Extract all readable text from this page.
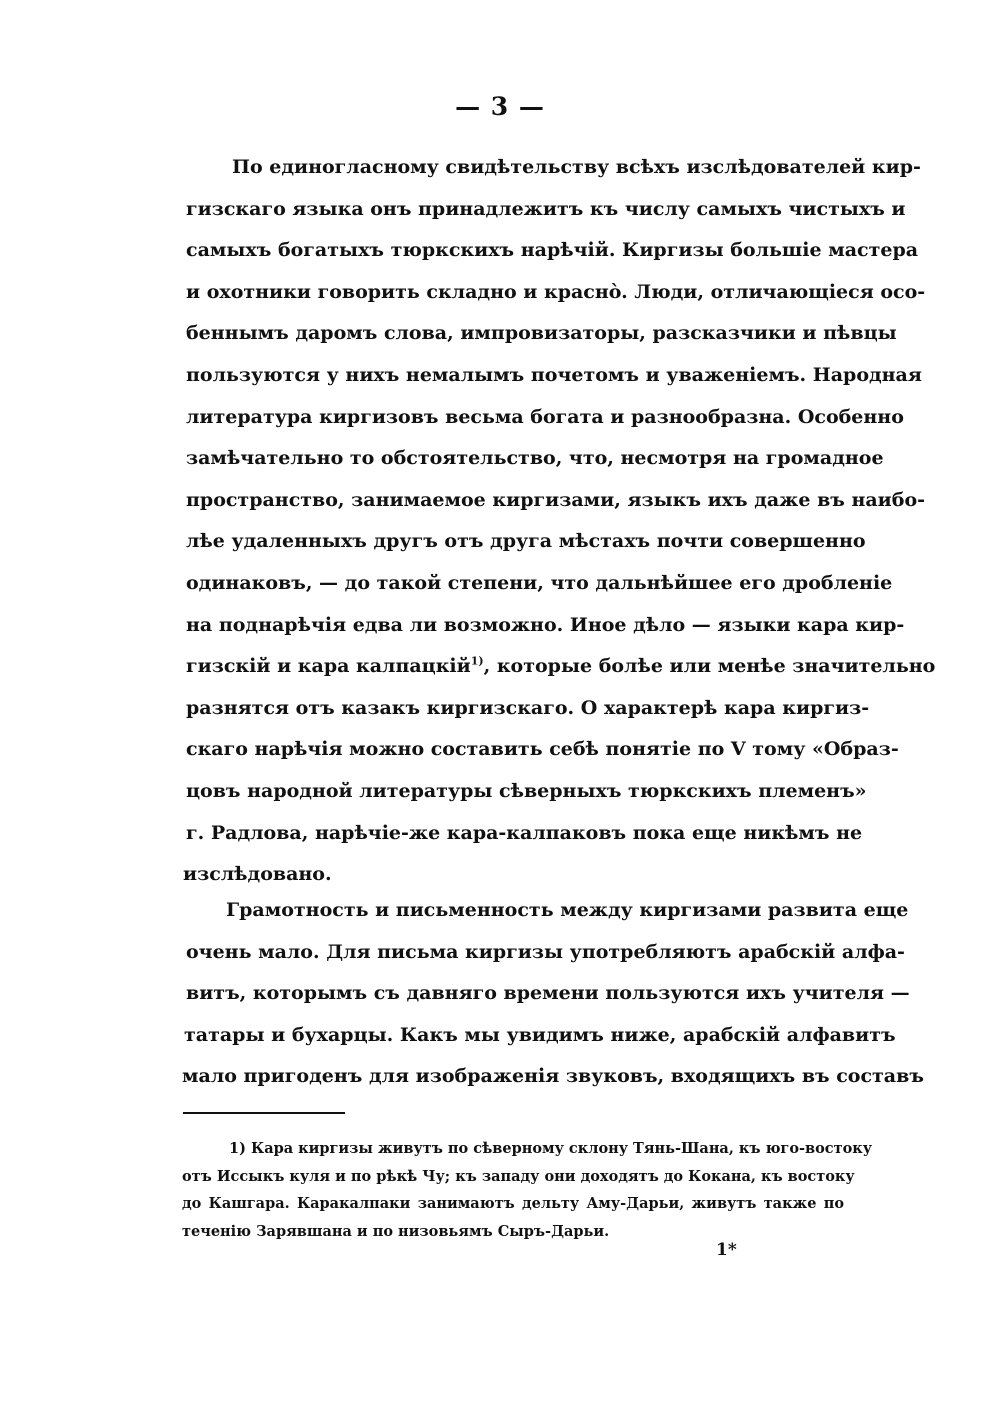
— 3 —
По единогласному свидѣтельству всѣхъ изслѣдователей кир-
гизскаго языка онъ принадлежитъ къ числу самыхъ чистыхъ и
самыхъ богатыхъ тюркскихъ нарѣчій. Киргизы большіе мастера
и охотники говорить складно и краснò. Люди, отличающіеся осо-
беннымъ даромъ слова, импровизаторы, разсказчики и пѣвцы
пользуются у нихъ немалымъ почетомъ и уваженіемъ. Народная
литература киргизовъ весьма богата и разнообразна. Особенно
замѣчательно то обстоятельство, что, несмотря на громадное
пространство, занимаемое киргизами, языкъ ихъ даже въ наибо-
лѣе удаленныхъ другъ отъ друга мѣстахъ почти совершенно
одинаковъ, — до такой степени, что дальнѣйшее его дробленіе
на поднарѣчія едва ли возможно. Иное дѣло — языки кара кир-
гизскій и кара калпацкій$^{1)}$, которые болѣе или менѣе значительно
разнятся отъ казакъ киргизскаго. О характерѣ кара киргиз-
скаго нарѣчія можно составить себѣ понятіе по V тому «Образ-
цовъ народной литературы сѣверныхъ тюркскихъ племенъ»
г. Радлова, нарѣчіе-же кара-калпаковъ пока еще никѣмъ не
изслѣдовано.
Грамотность и письменность между киргизами развита еще
очень мало. Для письма киргизы употребляютъ арабскій алфа-
витъ, которымъ съ давняго времени пользуются ихъ учителя —
татары и бухарцы. Какъ мы увидимъ ниже, арабскій алфавитъ
мало пригоденъ для изображенія звуковъ, входящихъ въ составъ
1) Кара киргизы живутъ по сѣверному склону Тянь-Шана, къ юго-востоку
отъ Иссыкъ куля и по рѣкѣ Чу; къ западу они доходятъ до Кокана, къ востоку
до Кашгара. Каракалпаки занимаютъ дельту Аму-Дарьи, живутъ также по
теченію Зарявшана и по низовьямъ Сыръ-Дарьи.
1*
